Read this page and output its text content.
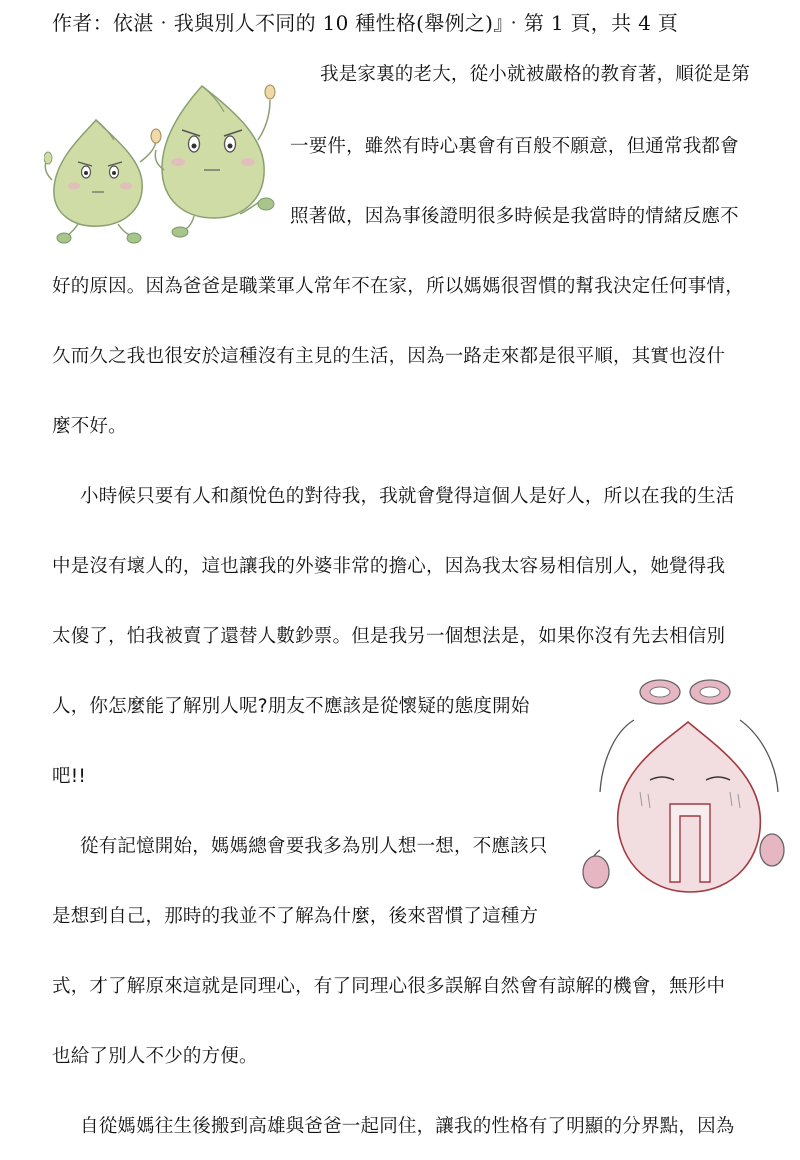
作者：依湛‧我與別人不同的 10 種性格(舉例之)』‧第 1 頁，共 4 頁
我是家裏的老大，從小就被嚴格的教育著，順從是第
一要件，雖然有時心裏會有百般不願意，但通常我都會
照著做，因為事後證明很多時候是我當時的情緒反應不
好的原因。因為爸爸是職業軍人常年不在家，所以媽媽很習慣的幫我決定任何事情，
久而久之我也很安於這種沒有主見的生活，因為一路走來都是很平順，其實也沒什
麼不好。
小時候只要有人和顏悅色的對待我，我就會覺得這個人是好人，所以在我的生活
中是沒有壞人的，這也讓我的外婆非常的擔心，因為我太容易相信別人，她覺得我
太傻了，怕我被賣了還替人數鈔票。但是我另一個想法是，如果你沒有先去相信別
人，你怎麼能了解別人呢?朋友不應該是從懷疑的態度開始
吧!!
從有記憶開始，媽媽總會要我多為別人想一想，不應該只
是想到自己，那時的我並不了解為什麼，後來習慣了這種方
式，才了解原來這就是同理心，有了同理心很多誤解自然會有諒解的機會，無形中
也給了別人不少的方便。
自從媽媽往生後搬到高雄與爸爸一起同住，讓我的性格有了明顯的分界點，因為
